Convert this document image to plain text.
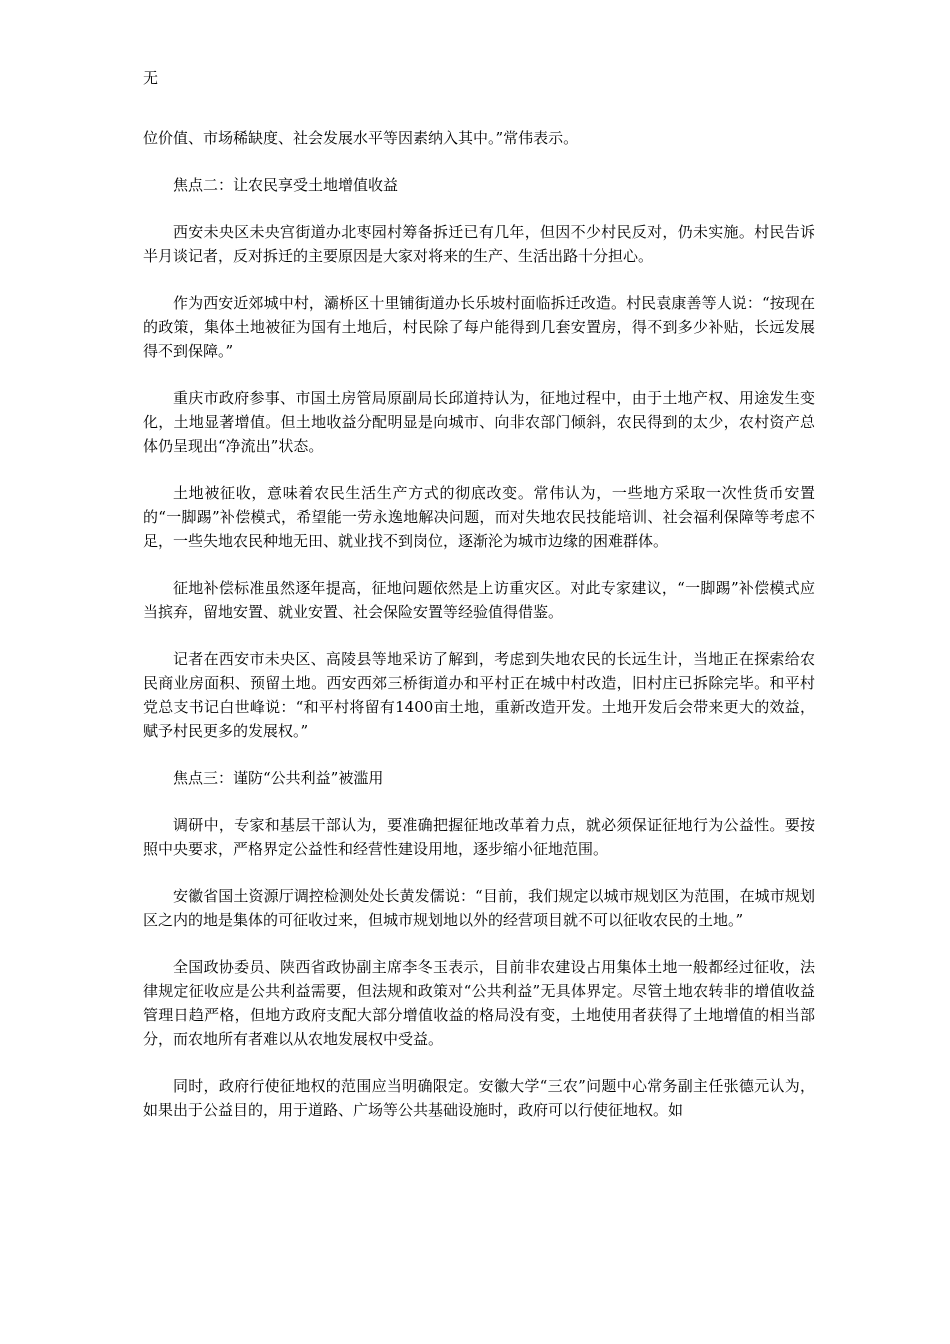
无

位价值、市场稀缺度、社会发展水平等因素纳入其中。”常伟表示。

焦点二：让农民享受土地增值收益

西安未央区未央宫街道办北枣园村筹备拆迁已有几年，但因不少村民反对，仍未实施。村民告诉半月谈记者，反对拆迁的主要原因是大家对将来的生产、生活出路十分担心。

作为西安近郊城中村，灞桥区十里铺街道办长乐坡村面临拆迁改造。村民袁康善等人说：“按现在的政策，集体土地被征为国有土地后，村民除了每户能得到几套安置房，得不到多少补贴，长远发展得不到保障。”

重庆市政府参事、市国土房管局原副局长邱道持认为，征地过程中，由于土地产权、用途发生变化，土地显著增值。但土地收益分配明显是向城市、向非农部门倾斜，农民得到的太少，农村资产总体仍呈现出“净流出”状态。

土地被征收，意味着农民生活生产方式的彻底改变。常伟认为，一些地方采取一次性货币安置的“一脚踢”补偿模式，希望能一劳永逸地解决问题，而对失地农民技能培训、社会福利保障等考虑不足，一些失地农民种地无田、就业找不到岗位，逐渐沦为城市边缘的困难群体。

征地补偿标准虽然逐年提高，征地问题依然是上访重灾区。对此专家建议，“一脚踢”补偿模式应当摈弃，留地安置、就业安置、社会保险安置等经验值得借鉴。

记者在西安市未央区、高陵县等地采访了解到，考虑到失地农民的长远生计，当地正在探索给农民商业房面积、预留土地。西安西郊三桥街道办和平村正在城中村改造，旧村庄已拆除完毕。和平村党总支书记白世峰说：“和平村将留有1400亩土地，重新改造开发。土地开发后会带来更大的效益，赋予村民更多的发展权。”

焦点三：谨防“公共利益”被滥用

调研中，专家和基层干部认为，要准确把握征地改革着力点，就必须保证征地行为公益性。要按照中央要求，严格界定公益性和经营性建设用地，逐步缩小征地范围。

安徽省国土资源厅调控检测处处长黄发儒说：“目前，我们规定以城市规划区为范围，在城市规划区之内的地是集体的可征收过来，但城市规划地以外的经营项目就不可以征收农民的土地。”

全国政协委员、陕西省政协副主席李冬玉表示，目前非农建设占用集体土地一般都经过征收，法律规定征收应是公共利益需要，但法规和政策对“公共利益”无具体界定。尽管土地农转非的增值收益管理日趋严格，但地方政府支配大部分增值收益的格局没有变，土地使用者获得了土地增值的相当部分，而农地所有者难以从农地发展权中受益。

同时，政府行使征地权的范围应当明确限定。安徽大学“三农”问题中心常务副主任张德元认为，如果出于公益目的，用于道路、广场等公共基础设施时，政府可以行使征地权。如
